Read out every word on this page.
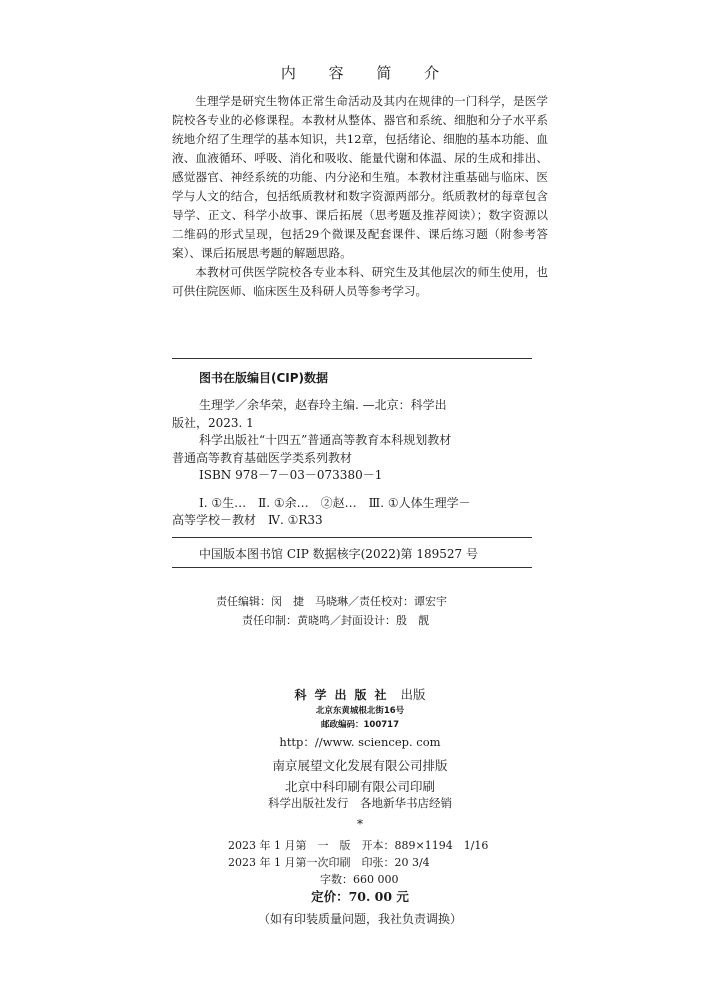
内 容 简 介

生理学是研究生物体正常生命活动及其内在规律的一门科学，是医学院校各专业的必修课程。本教材从整体、器官和系统、细胞和分子水平系统地介绍了生理学的基本知识，共12章，包括绪论、细胞的基本功能、血液、血液循环、呼吸、消化和吸收、能量代谢和体温、尿的生成和排出、感觉器官、神经系统的功能、内分泌和生殖。本教材注重基础与临床、医学与人文的结合，包括纸质教材和数字资源两部分。纸质教材的每章包含导学、正文、科学小故事、课后拓展（思考题及推荐阅读）；数字资源以二维码的形式呈现，包括29个微课及配套课件、课后练习题（附参考答案）、课后拓展思考题的解题思路。

本教材可供医学院校各专业本科、研究生及其他层次的师生使用，也可供住院医师、临床医生及科研人员等参考学习。

图书在版编目(CIP)数据
生理学／余华荣，赵春玲主编. —北京：科学出
版社，2023. 1
科学出版社“十四五”普通高等教育本科规划教材
普通高等教育基础医学类系列教材
ISBN 978－7－03－073380－1
Ⅰ. ①生…　Ⅱ. ①余…　②赵…　Ⅲ. ①人体生理学－
高等学校－教材　Ⅳ. ①R33
中国版本图书馆 CIP 数据核字(2022)第 189527 号
责任编辑：闵　捷　马晓琳／责任校对：谭宏宇
责任印制：黄晓鸣／封面设计：殷　靓
科学出版社 出版
北京东黄城根北街16号
邮政编码：100717
http：//www. sciencep. com
南京展望文化发展有限公司排版
北京中科印刷有限公司印刷
科学出版社发行　各地新华书店经销
*
2023 年 1 月第　一　版　开本：889×1194　1/16
2023 年 1 月第一次印刷　印张：20 3/4
字数：660 000
定价：70. 00 元
（如有印装质量问题，我社负责调换）
